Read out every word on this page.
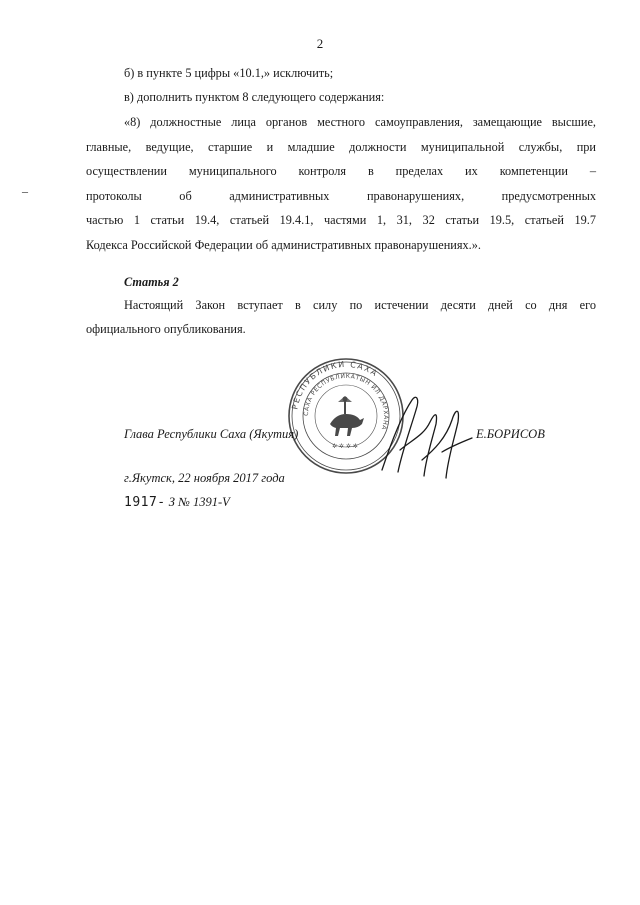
2
–
б) в пункте 5 цифры «10.1,» исключить;
в) дополнить пунктом 8 следующего содержания:
«8) должностные лица органов местного самоуправления, замещающие высшие,
главные, ведущие, старшие и младшие должности муниципальной службы, при
осуществлении муниципального контроля в пределах их компетенции –
протоколы об административных правонарушениях, предусмотренных
частью 1 статьи 19.4, статьей 19.4.1, частями 1, 31, 32 статьи 19.5, статьей 19.7
Кодекса Российской Федерации об административных правонарушениях.».
Статья 2
Настоящий Закон вступает в силу по истечении десяти дней со дня его
официального опубликования.
РЕСПУБЛИКИ САХА
САХА РЕСПУБЛИКАТЫН ИЛ ДАРХАНА
✲ ✲ ✲ ✲
Глава Республики Саха (Якутия)	Е.БОРИСОВ
г.Якутск, 22 ноября 2017 года
1917- З № 1391-V
